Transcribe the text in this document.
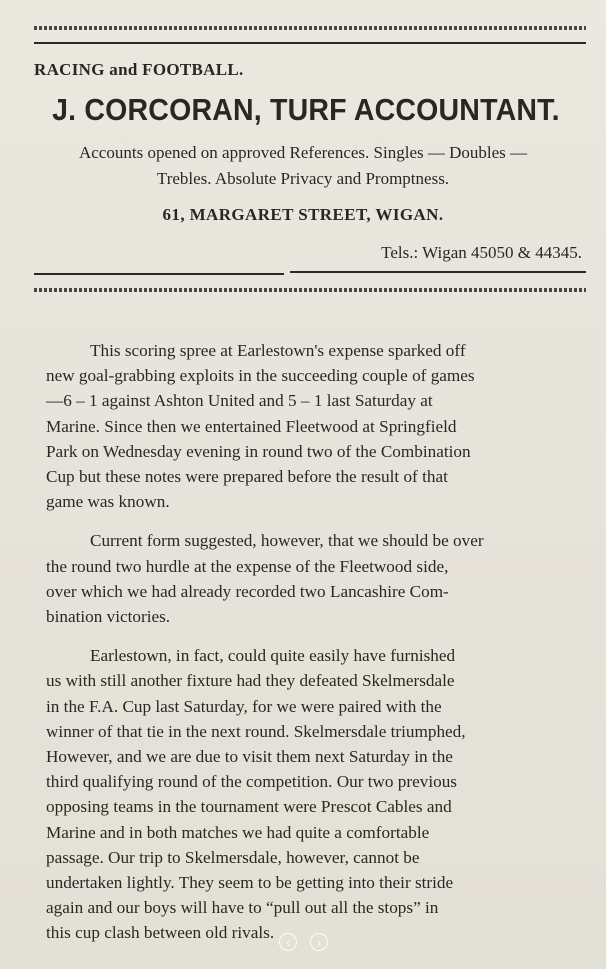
RACING and FOOTBALL.
J. CORCORAN, TURF ACCOUNTANT.
Accounts opened on approved References. Singles — Doubles —
Trebles. Absolute Privacy and Promptness.
61, MARGARET STREET, WIGAN.
Tels.: Wigan 45050 & 44345.

This scoring spree at Earlestown's expense sparked off
new goal-grabbing exploits in the succeeding couple of games
—6 – 1 against Ashton United and 5 – 1 last Saturday at
Marine. Since then we entertained Fleetwood at Springfield
Park on Wednesday evening in round two of the Combination
Cup but these notes were prepared before the result of that
game was known.

Current form suggested, however, that we should be over
the round two hurdle at the expense of the Fleetwood side,
over which we had already recorded two Lancashire Com-
bination victories.

Earlestown, in fact, could quite easily have furnished
us with still another fixture had they defeated Skelmersdale
in the F.A. Cup last Saturday, for we were paired with the
winner of that tie in the next round. Skelmersdale triumphed,
However, and we are due to visit them next Saturday in the
third qualifying round of the competition. Our two previous
opposing teams in the tournament were Prescot Cables and
Marine and in both matches we had quite a comfortable
passage. Our trip to Skelmersdale, however, cannot be
undertaken lightly. They seem to be getting into their stride
again and our boys will have to “pull out all the stops” in
this cup clash between old rivals.

‹	›
